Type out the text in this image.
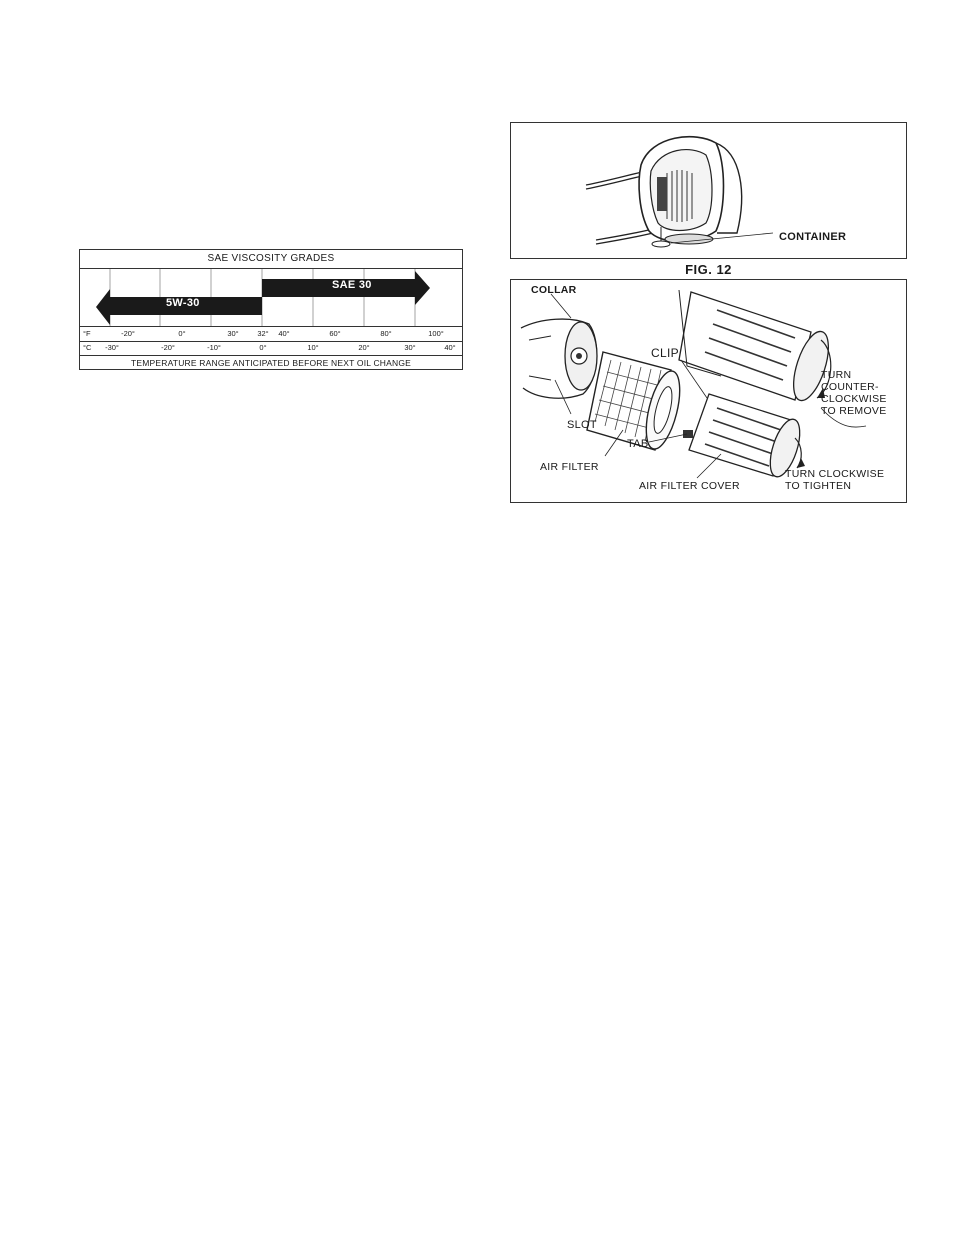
SAE VISCOSITY GRADES
SAE 30
5W-30
°F	-20°	0°	30° 32° 40°	60°	80°	100°
°C -30°	-20°	-10°	0°	10°	20°	30°	40°
TEMPERATURE RANGE ANTICIPATED BEFORE NEXT OIL CHANGE
CONTAINER
FIG. 12
COLLAR
CLIP
SLOT
TAB
AIR FILTER
AIR FILTER COVER
TURN
COUNTER-
CLOCKWISE
TO REMOVE
TURN CLOCKWISE
TO TIGHTEN
